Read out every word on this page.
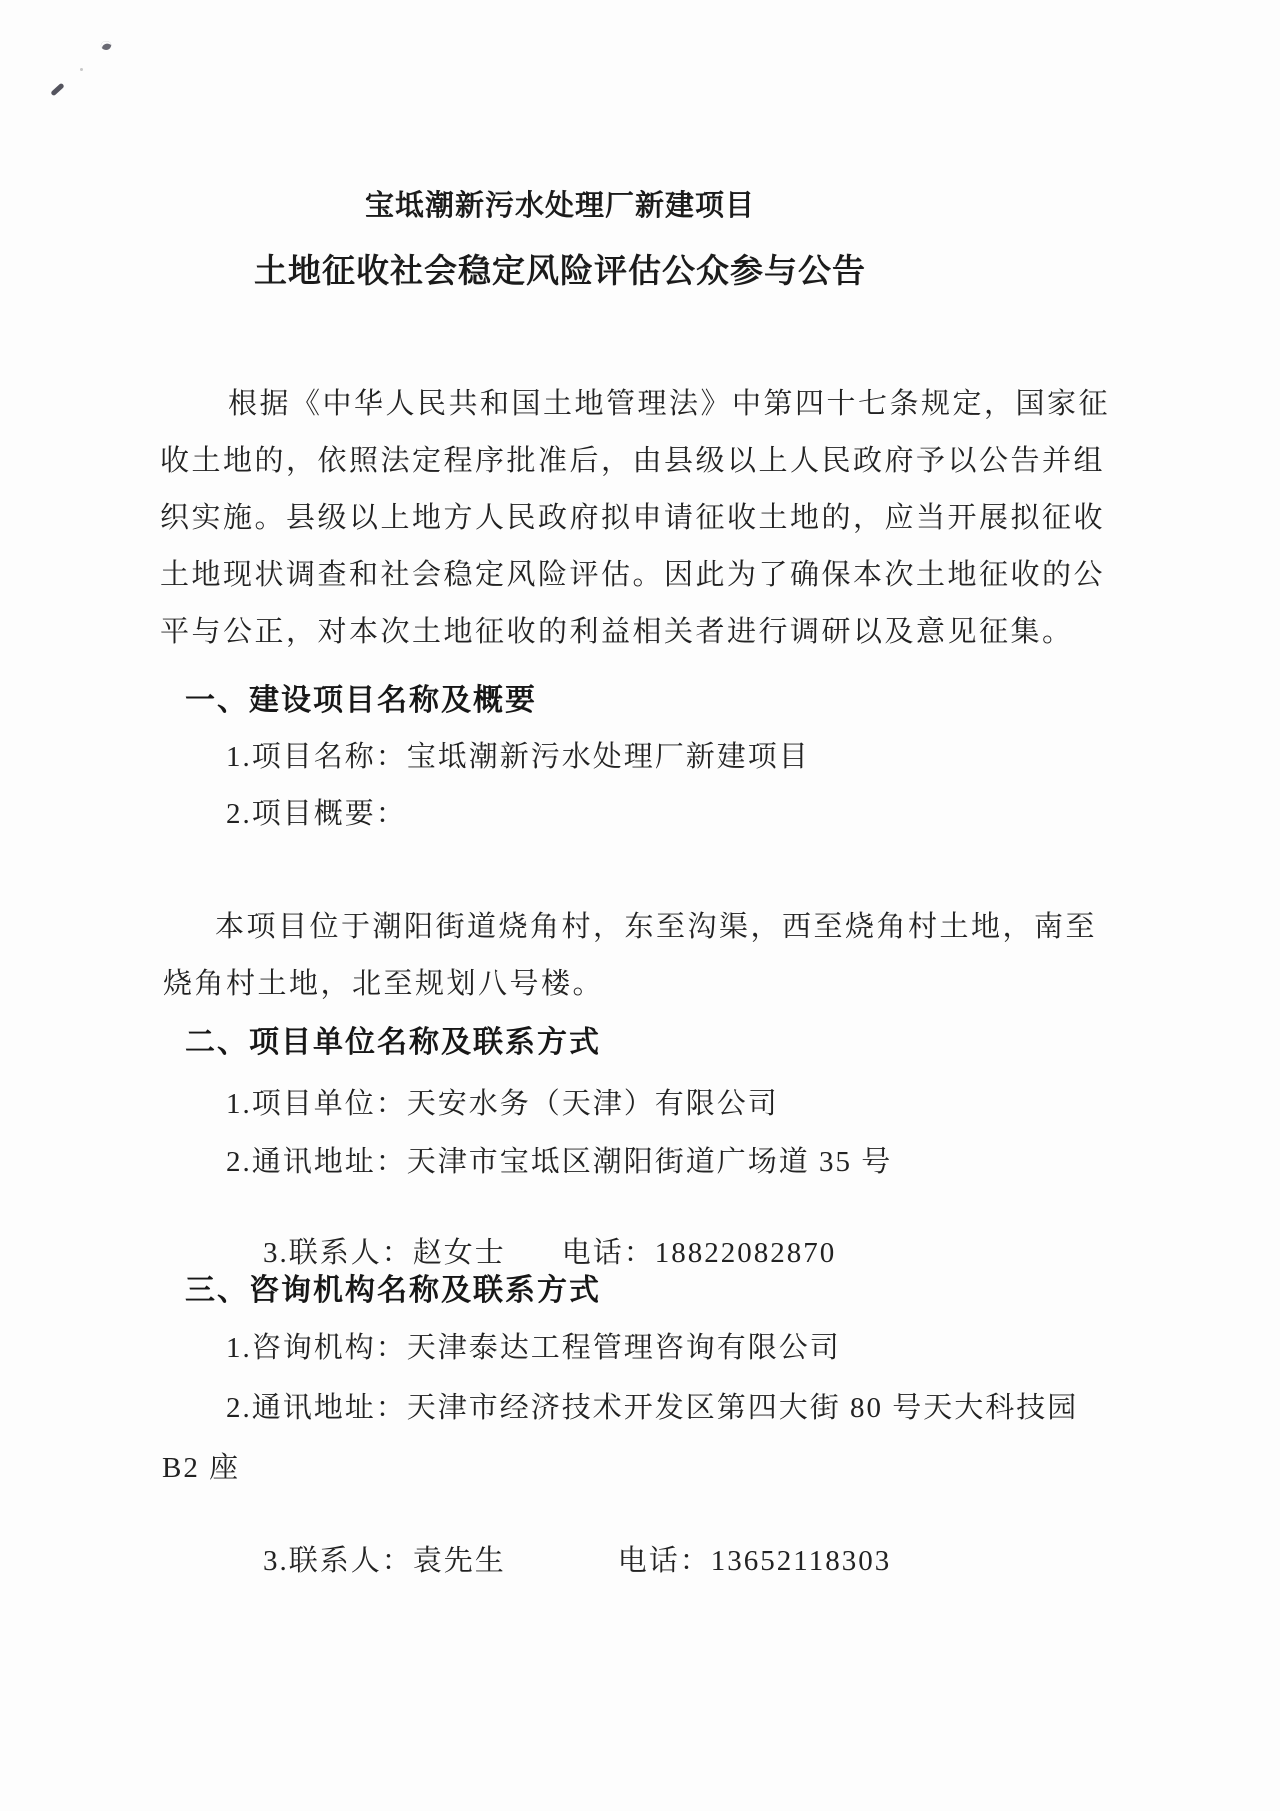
宝坻潮新污水处理厂新建项目
土地征收社会稳定风险评估公众参与公告

根据《中华人民共和国土地管理法》中第四十七条规定，国家征

收土地的，依照法定程序批准后，由县级以上人民政府予以公告并组

织实施。县级以上地方人民政府拟申请征收土地的，应当开展拟征收

土地现状调查和社会稳定风险评估。因此为了确保本次土地征收的公

平与公正，对本次土地征收的利益相关者进行调研以及意见征集。

一、建设项目名称及概要

1.项目名称：宝坻潮新污水处理厂新建项目

2.项目概要：

本项目位于潮阳街道烧角村，东至沟渠，西至烧角村土地，南至

烧角村土地，北至规划八号楼。

二、项目单位名称及联系方式

1.项目单位：天安水务（天津）有限公司

2.通讯地址：天津市宝坻区潮阳街道广场道 35 号

3.联系人：赵女士 电话：18822082870

三、咨询机构名称及联系方式

1.咨询机构：天津泰达工程管理咨询有限公司

2.通讯地址：天津市经济技术开发区第四大街 80 号天大科技园

B2 座

3.联系人：袁先生	电话：13652118303
